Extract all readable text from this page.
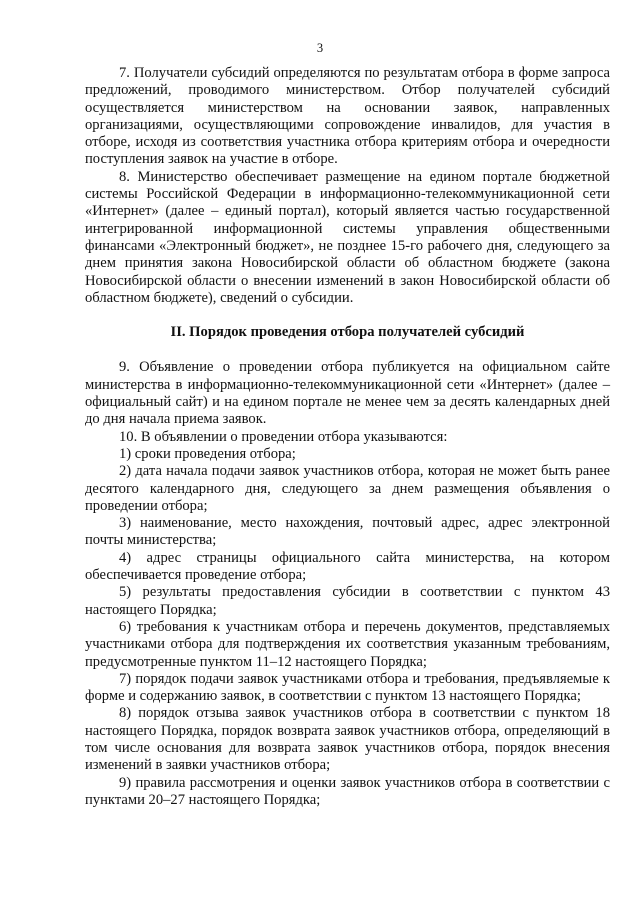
3

7. Получатели субсидий определяются по результатам отбора в форме запроса предложений, проводимого министерством. Отбор получателей субсидий осуществляется министерством на основании заявок, направленных организациями, осуществляющими сопровождение инвалидов, для участия в отборе, исходя из соответствия участника отбора критериям отбора и очередности поступления заявок на участие в отборе.

8. Министерство обеспечивает размещение на едином портале бюджетной системы Российской Федерации в информационно-телекоммуникационной сети «Интернет» (далее – единый портал), который является частью государственной интегрированной информационной системы управления общественными финансами «Электронный бюджет», не позднее 15-го рабочего дня, следующего за днем принятия закона Новосибирской области об областном бюджете (закона Новосибирской области о внесении изменений в закон Новосибирской области об областном бюджете), сведений о субсидии.

II. Порядок проведения отбора получателей субсидий

9. Объявление о проведении отбора публикуется на официальном сайте министерства в информационно-телекоммуникационной сети «Интернет» (далее – официальный сайт) и на едином портале не менее чем за десять календарных дней до дня начала приема заявок.

10. В объявлении о проведении отбора указываются:

1) сроки проведения отбора;

2) дата начала подачи заявок участников отбора, которая не может быть ранее десятого календарного дня, следующего за днем размещения объявления о проведении отбора;

3) наименование, место нахождения, почтовый адрес, адрес электронной почты министерства;

4) адрес страницы официального сайта министерства, на котором обеспечивается проведение отбора;

5) результаты предоставления субсидии в соответствии с пунктом 43 настоящего Порядка;

6) требования к участникам отбора и перечень документов, представляемых участниками отбора для подтверждения их соответствия указанным требованиям, предусмотренные пунктом 11–12 настоящего Порядка;

7) порядок подачи заявок участниками отбора и требования, предъявляемые к форме и содержанию заявок, в соответствии с пунктом 13 настоящего Порядка;

8) порядок отзыва заявок участников отбора в соответствии с пунктом 18 настоящего Порядка, порядок возврата заявок участников отбора, определяющий в том числе основания для возврата заявок участников отбора, порядок внесения изменений в заявки участников отбора;

9) правила рассмотрения и оценки заявок участников отбора в соответствии с пунктами 20–27 настоящего Порядка;
